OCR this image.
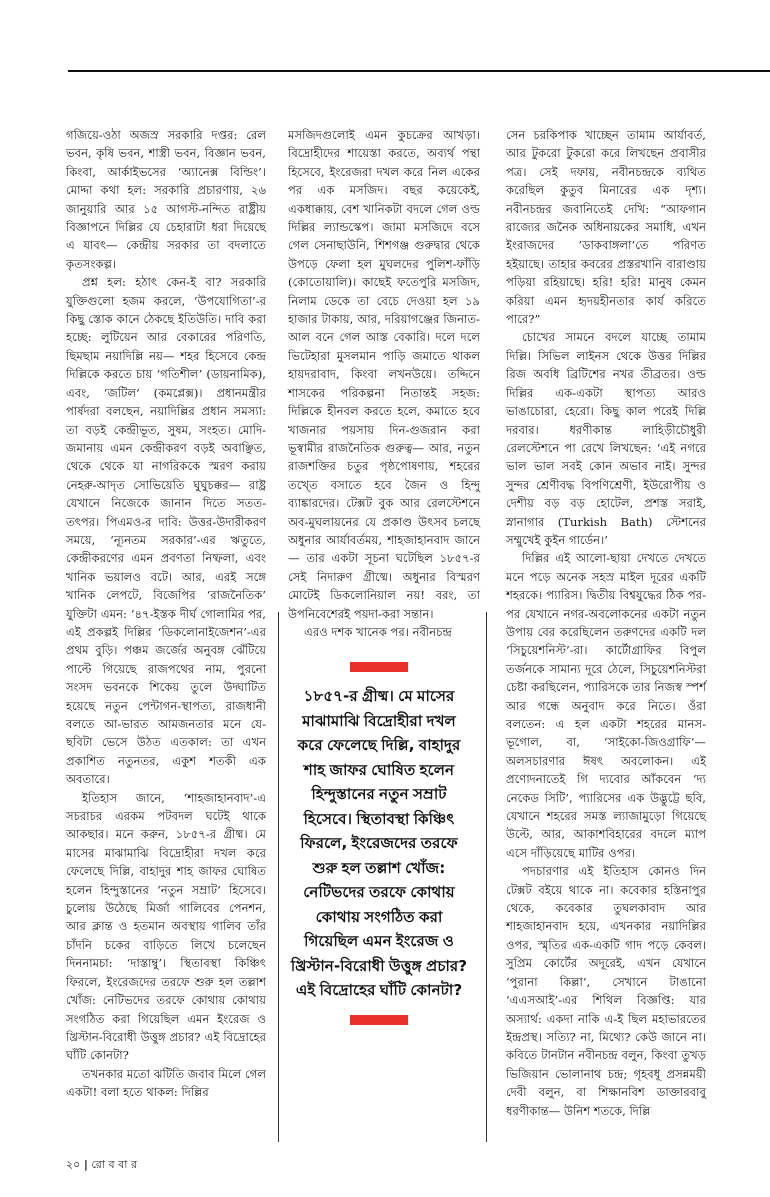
গজিয়ে-ওঠা অজস্র সরকারি দপ্তর: রেল ভবন, কৃষি ভবন, শাস্ত্রী ভবন, বিজ্ঞান ভবন, কিংবা, আর্কাইভসের ‘অ্যানেক্স বিল্ডিং’। মোদ্দা কথা হল: সরকারি প্রচারণায়, ২৬ জানুয়ারি আর ১৫ আগস্ট-নন্দিত রাষ্ট্রীয় বিজ্ঞাপনে দিল্লির যে চেহারাটা ধরা দিয়েছে এ যাবৎ— কেন্দ্রীয় সরকার তা বদলাতে কৃতসংকল্প।

প্রশ্ন হল: হঠাৎ কেন-ই বা? সরকারি যুক্তিগুলো হজম করলে, ‘উপযোগিতা’-র কিছু স্তোক কানে ঠেকছে ইতিউতি। দাবি করা হচ্ছে: লুটিয়েন আর বেকারের পরিণতি, ছিমছাম নয়াদিল্লি নয়— শহর হিসেবে কেন্দ্র দিল্লিকে করতে চায় ‘গতিশীল’ (ডায়নামিক), এবং, ‘জটিল’ (কমপ্লেক্স)। প্রধানমন্ত্রীর পার্ষদরা বলছেন, নয়াদিল্লির প্রধান সমস্যা: তা বড়ই কেন্দ্রীভূত, সুষম, সংহত। মোদি-জমানায় এমন কেন্দ্রীকরণ বড়ই অবাঞ্ছিত, থেকে থেকে যা নাগরিককে স্মরণ করায় নেহরু-আদৃত সোভিয়েতি ঘুঘুচক্কর— রাষ্ট্র যেখানে নিজেকে জানান দিতে সতত-তৎপর। পিএমও-র দাবি: উত্তর-উদারীকরণ সময়ে, ‘ন্যূনতম সরকার’-এর ঋতুতে, কেন্দ্রীকরণের এমন প্রবণতা নিষ্ফলা, এবং খানিক ভয়ালও বটে। আর, এরই সঙ্গে খানিক লেপটে, বিজেপির ‘রাজনৈতিক’ যুক্তিটা এমন: ’৪৭-ইস্তক দীর্ঘ গোলামির পর, এই প্রকল্পই দিল্লির ‘ডিকলোনাইজেশন’-এর প্রথম বুড়ি। পঞ্চম জর্জের অনুবঙ্গ ঝেঁটিয়ে পাল্টে গিয়েছে রাজপথের নাম, পুরনো সংসদ ভবনকে শিকেয় তুলে উদ্ঘাটিত হয়েছে নতুন পেন্টাগন-স্থাপত্য, রাজধানী বলতে আ-ভারত আমজনতার মনে যে-ছবিটা ভেসে উঠত এতকাল: তা এখন প্রকাশিত নতুনতর, একুশ শতকী এক অবতারে।

ইতিহাস জানে, ‘শাহজাহানবাদ’-এ সচরাচর এরকম পটবদল ঘটেই থাকে আকছার। মনে করুন, ১৮৫৭-র গ্রীষ্ম। মে মাসের মাঝামাঝি বিদ্রোহীরা দখল করে ফেলেছে দিল্লি, বাহাদুর শাহ জাফর ঘোষিত হলেন হিন্দুস্তানের ‘নতুন সম্রাট’ হিসেবে। চুলোয় উঠেছে মির্জা গালিবের পেনশন, আর ক্লান্ত ও হতমান অবস্থায় গালিব তাঁর চাঁদনি চকের বাড়িতে লিখে চলেছেন দিননামচা: ‘দাস্তাম্বু’। স্থিতাবস্থা কিঞ্চিৎ ফিরলে, ইংরেজদের তরফে শুরু হল তল্লাশ খোঁজ: নেটিভদের তরফে কোথায় কোথায় সংগঠিত করা গিয়েছিল এমন ইংরেজ ও খ্রিস্টান-বিরোধী উত্তুঙ্গ প্রচার? এই বিদ্রোহের ঘাঁটি কোনটা?

তখনকার মতো ঝটিতি জবাব মিলে গেল একটা! বলা হতে থাকল: দিল্লির

মসজিদগুলোই এমন কুচক্রের আখড়া। বিদ্রোহীদের শায়েস্তা করতে, অব্যর্থ পন্থা হিসেবে, ইংরেজরা দখল করে নিল একের পর এক মসজিদ। বছর কয়েকেই, একধাক্কায়, বেশ খানিকটা বদলে গেল ওল্ড দিল্লির ল্যান্ডস্কেপ। জামা মসজিদে বসে গেল সেনাছাউনি, শিশগঞ্জ গুরুদ্বার থেকে উপড়ে ফেলা হল মুঘলদের পুলিশ-ফাঁড়ি (কোতোয়ালি)। কাছেই ফতেপুরি মসজিদ, নিলাম ডেকে তা বেচে দেওয়া হল ১৯ হাজার টাকায়, আর, দরিয়াগঞ্জের জিনাত-আল বনে গেল আস্ত বেকারি। দলে দলে ভিটেহারা মুসলমান পাড়ি জমাতে থাকল হায়দরাবাদ, কিংবা লখনউয়ে। তদ্দিনে শাসকের পরিকল্পনা নিতান্তই সহজ: দিল্লিকে হীনবল করতে হলে, কমাতে হবে খাজনার পয়সায় দিন-গুজরান করা ভূস্বামীর রাজনৈতিক গুরুত্ব— আর, নতুন রাজশক্তির চতুর পৃষ্ঠপোষণায়, শহরের তখ্তে বসাতে হবে জৈন ও হিন্দু ব্যাঙ্কারদের। টেক্সট বুক আর রেলস্টেশনে অব-মুঘলায়নের যে প্রকাণ্ড উৎসব চলছে অধুনার আর্যাবর্তময়, শাহজাহানবাদ জানে— তার একটা সূচনা ঘটেছিল ১৮৫৭-র সেই নিদারুণ গ্রীষ্মে। অধুনার বিস্মরণ মোটেই ডিকলোনিয়াল নয়! বরং, তা উপনিবেশেরই পয়দা-করা সন্তান।

এরও দশক খানেক পর। নবীনচন্দ্র

১৮৫৭-র গ্রীষ্ম। মে মাসের মাঝামাঝি বিদ্রোহীরা দখল করে ফেলেছে দিল্লি, বাহাদুর শাহ জাফর ঘোষিত হলেন হিন্দুস্তানের নতুন সম্রাট হিসেবে। স্থিতাবস্থা কিঞ্চিৎ ফিরলে, ইংরেজদের তরফে শুরু হল তল্লাশ খোঁজ: নেটিভদের তরফে কোথায় কোথায় সংগঠিত করা গিয়েছিল এমন ইংরেজ ও খ্রিস্টান-বিরোধী উত্তুঙ্গ প্রচার? এই বিদ্রোহের ঘাঁটি কোনটা?

সেন চরকিপাক খাচ্ছেন তামাম আর্যাবর্ত, আর টুকরো টুকরো করে লিখছেন প্রবাসীর পত্র। সেই দফায়, নবীনচন্দ্রকে ব্যথিত করেছিল কুতুব মিনারের এক দৃশ্য। নবীনচন্দ্রর জবানিতেই দেখি: “আফগান রাজ্যের জনৈক অধিনায়কের সমাধি, এখন ইংরাজদের ‘ডাকবাঙ্গলা’তে পরিণত হইয়াছে। তাহার কবরের প্রস্তরখানি বারাণ্ডায় পড়িয়া রহিয়াছে। হরি! হরি! মানুষ কেমন করিয়া এমন হৃদয়হীনতার কার্য করিতে পারে?”

চোখের সামনে বদলে যাচ্ছে তামাম দিল্লি। সিভিল লাইনস থেকে উত্তর দিল্লির রিজ অবধি ব্রিটিশের নখর তীব্রতর। ওল্ড দিল্লির এক-একটা স্থাপত্য আরও ভাঙাচোরা, হেরো। কিছু কাল পরেই দিল্লি দরবার। ধরণীকান্ত লাহিড়ীচৌধুরী রেলস্টেশনে পা রেখে লিখছেন: ‘এই নগরে ভাল ভাল সবই কোন অভাব নাই। সুন্দর সুন্দর শ্রেণীবদ্ধ বিপণিশ্রেণী, ইউরোপীয় ও দেশীয় বড় বড় হোটেল, প্রশস্ত সরাই, স্নানাগার (Turkish Bath) স্টেশনের সম্মুখেই কুইন গার্ডেন।’

দিল্লির এই আলো-ছায়া দেখতে দেখতে মনে পড়ে অনেক সহস্র মাইল দূরের একটি শহরকে। প্যারিস। দ্বিতীয় বিশ্বযুদ্ধের ঠিক পর-পর যেখানে নগর-অবলোকনের একটা নতুন উপায় বের করেছিলেন তরুণদের একটি দল ‘সিচুয়েশনিস্ট’-রা। কার্টোগ্রাফির বিপুল তর্জনকে সামান্য দূরে ঠেলে, সিচুয়েশনিস্টরা চেষ্টা করছিলেন, প্যারিসকে তার নিজস্ব স্পর্শ আর গন্ধে অনুবাদ করে নিতে। ওঁরা বলতেন: এ হল একটা শহরের মানস-ভূগোল, বা, ‘সাইকো-জিওগ্রাফি’— অলসচারণার ঈষৎ অবলোকন। এই প্রণোদনাতেই গি দ্যবোর আঁকবেন ‘দ্য নেকেড সিটি’, প্যারিসের এক উদ্ভুট্টে ছবি, যেখানে শহরের সমস্ত ল্যাজামুড়ো গিয়েছে উল্টে, আর, আকাশবিহারের বদলে ম্যাপ এসে দাঁড়িয়েছে মাটির ওপর।

পদচারণার এই ইতিহাস কোনও দিন টেক্সট বইয়ে থাকে না। কবেকার হস্তিনাপুর থেকে, কবেকার তুঘলকাবাদ আর শাহজাহানবাদ হয়ে, এখনকার নয়াদিল্লির ওপর, স্মৃতির এক-একটি গাদ পড়ে কেবল। সুপ্রিম কোর্টের অদূরেই, এখন যেখানে ‘পুরানা কিল্লা’, সেখানে টাঙানো ‘এএসআই’-এর শিথিল বিজ্ঞপ্তি: যার অস্যার্থ: একদা নাকি এ-ই ছিল মহাভারতের ইন্দ্রপ্রস্থ। সত্যি? না, মিথ্যে? কেউ জানে না। কবিতে টানটান নবীনচন্দ্র বলুন, কিংবা তুখড় ভিজিয়ান ভোলানাথ চন্দ্র; গৃহবধূ প্রসন্নময়ী দেবী বলুন, বা শিক্ষানবিশ ডাক্তারবাবু ধরণীকান্ত— উনিশ শতকে, দিল্লি

২০ | রো ব বা র
